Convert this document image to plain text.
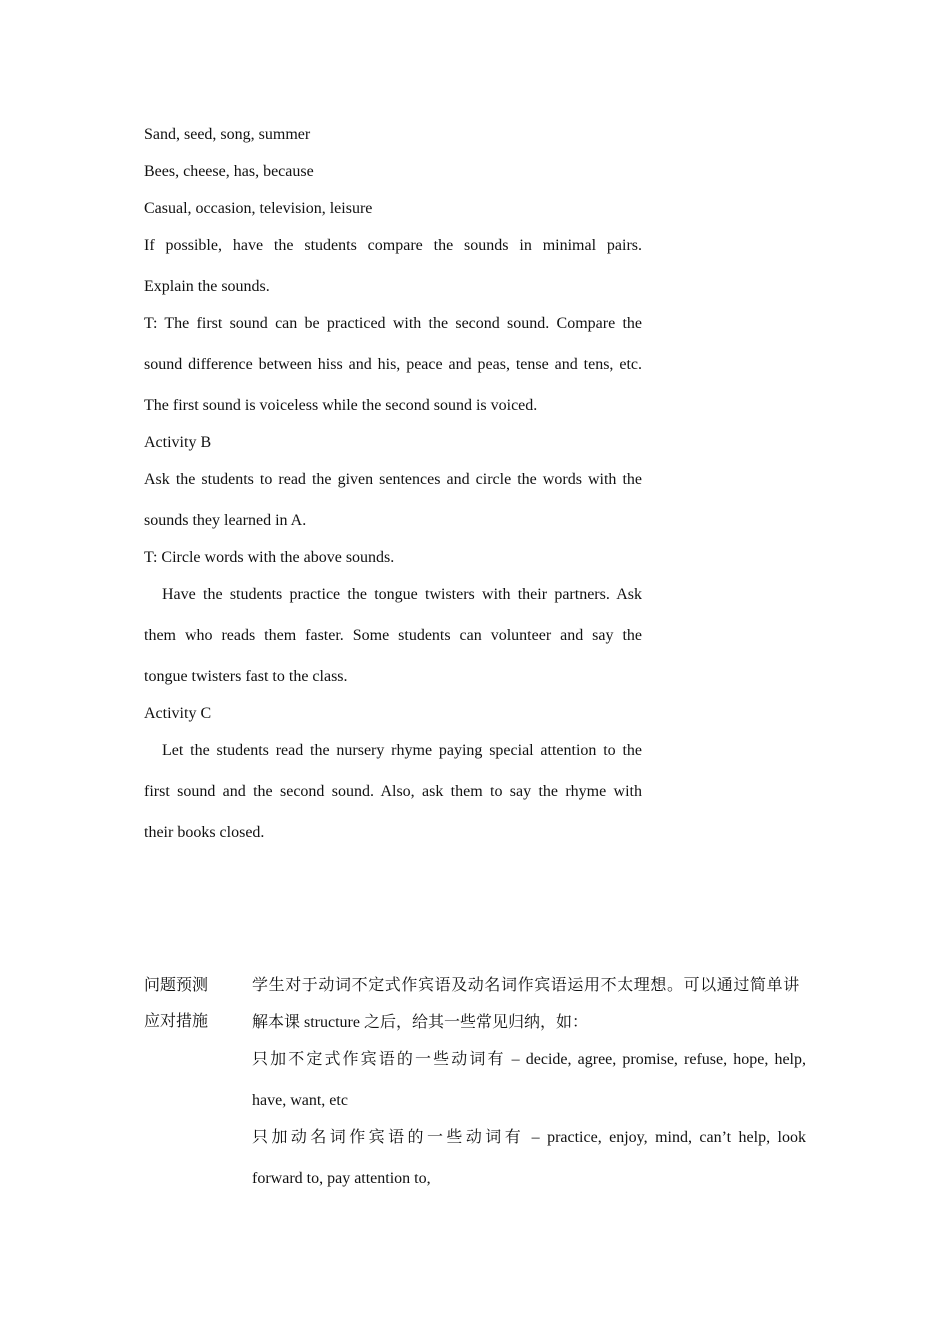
Sand, seed, song, summer
Bees, cheese, has, because
Casual, occasion, television, leisure
If possible, have the students compare the sounds in minimal pairs.
Explain the sounds.
T: The first sound can be practiced with the second sound. Compare the
sound difference between hiss and his, peace and peas, tense and tens, etc.
The first sound is voiceless while the second sound is voiced.
Activity B
Ask the students to read the given sentences and circle the words with the
sounds they learned in A.
T: Circle words with the above sounds.
Have the students practice the tongue twisters with their partners. Ask
them who reads them faster. Some students can volunteer and say the
tongue twisters fast to the class.
Activity C
Let the students read the nursery rhyme paying special attention to the
first sound and the second sound. Also, ask them to say the rhyme with
their books closed.
问题预测
应对措施
学生对于动词不定式作宾语及动名词作宾语运用不太理想。可以通过简单讲
解本课 structure 之后，给其一些常见归纳，如：
只加不定式作宾语的一些动词有 – decide, agree, promise, refuse, hope, help,
have, want, etc
只加动名词作宾语的一些动词有 – practice, enjoy, mind, can’t help, look
forward to, pay attention to,
